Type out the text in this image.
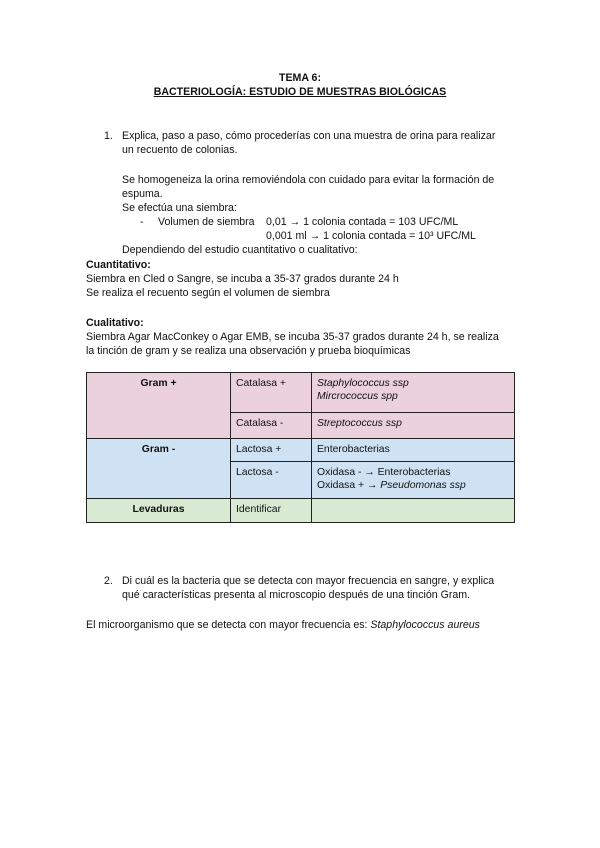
TEMA 6:
BACTERIOLOGÍA: ESTUDIO DE MUESTRAS BIOLÓGICAS
1. Explica, paso a paso, cómo procederías con una muestra de orina para realizar
un recuento de colonias.
Se homogeneiza la orina removiéndola con cuidado para evitar la formación de
espuma.
Se efectúa una siembra:
- Volumen de siembra 0,01 → 1 colonia contada = 103 UFC/ML
0,001 ml → 1 colonia contada = 10³ UFC/ML
Dependiendo del estudio cuantitativo o cualitativo:
Cuantitativo:
Siembra en Cled o Sangre, se incuba a 35-37 grados durante 24 h
Se realiza el recuento según el volumen de siembra
Cualitativo:
Siembra Agar MacConkey o Agar EMB, se incuba 35-37 grados durante 24 h, se realiza
la tinción de gram y se realiza una observación y prueba bioquímicas
Gram +	Catalasa +	Staphylococcus ssp
Mircrococcus spp

	Catalasa -	Streptococcus ssp
Gram -	Lactosa +	Enterobacterias
	Lactosa -	Oxidasa - → Enterobacterias
Oxidasa + → Pseudomonas ssp

Levaduras	Identificar	
2. Di cuál es la bacteria que se detecta con mayor frecuencia en sangre, y explica
qué características presenta al microscopio después de una tinción Gram.
El microorganismo que se detecta con mayor frecuencia es: Staphylococcus aureus
